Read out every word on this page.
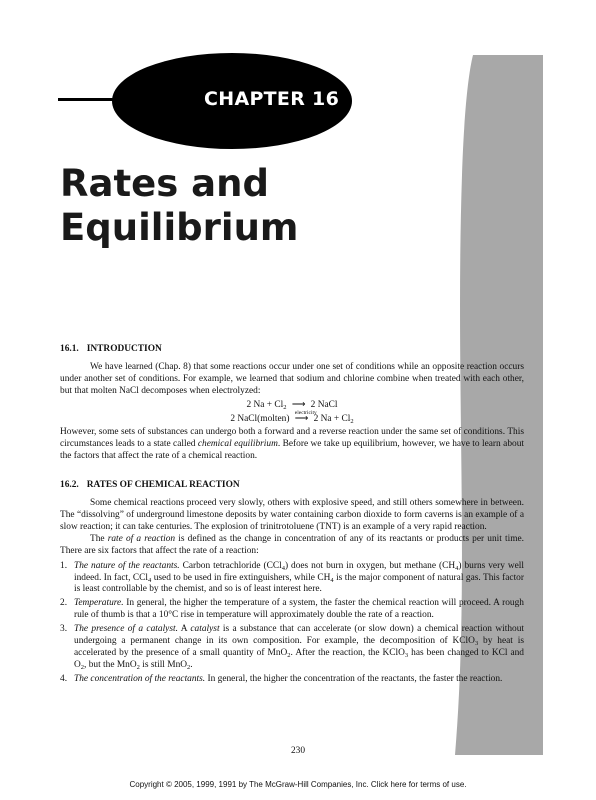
CHAPTER 16
Rates and
Equilibrium
16.1. INTRODUCTION

We have learned (Chap. 8) that some reactions occur under one set of conditions while an opposite reaction occurs under another set of conditions. For example, we learned that sodium and chlorine combine when treated with each other, but that molten NaCl decomposes when electrolyzed:

2 $Na + Cl_2$ ⟶ 2 NaCl
2 NaCl(molten)
electricity
⟶ 2 $Na + Cl_2$

However, some sets of substances can undergo both a forward and a reverse reaction under the same set of conditions. This circumstances leads to a state called chemical equilibrium. Before we take up equilibrium, however, we have to learn about the factors that affect the rate of a chemical reaction.

16.2. RATES OF CHEMICAL REACTION

Some chemical reactions proceed very slowly, others with explosive speed, and still others somewhere in between. The “dissolving” of underground limestone deposits by water containing carbon dioxide to form caverns is an example of a slow reaction; it can take centuries. The explosion of trinitrotoluene (TNT) is an example of a very rapid reaction.

The rate of a reaction is defined as the change in concentration of any of its reactants or products per unit time. There are six factors that affect the rate of a reaction:

1. The nature of the reactants. Carbon tetrachloride (CCl$_4$) does not burn in oxygen, but methane $(CH_4)$ burns very well indeed. In fact, CCl$_4$ used to be used in fire extinguishers, while $CH_4$ is the major component of natural gas. This factor is least controllable by the chemist, and so is of least interest here.
2. Temperature. In general, the higher the temperature of a system, the faster the chemical reaction will proceed. A rough rule of thumb is that a 10°C rise in temperature will approximately double the rate of a reaction.
3. The presence of a catalyst. A catalyst is a substance that can accelerate (or slow down) a chemical reaction without undergoing a permanent change in its own composition. For example, the decomposition of KClO$_3$ by heat is accelerated by the presence of a small quantity of MnO$_2$. After the reaction, the KClO$_3$ has been changed to KCl and $O_2$, but the MnO$_2$ is still MnO$_2$.
4. The concentration of the reactants. In general, the higher the concentration of the reactants, the faster the reaction.
230
Copyright © 2005, 1999, 1991 by The McGraw-Hill Companies, Inc. Click here for terms of use.
